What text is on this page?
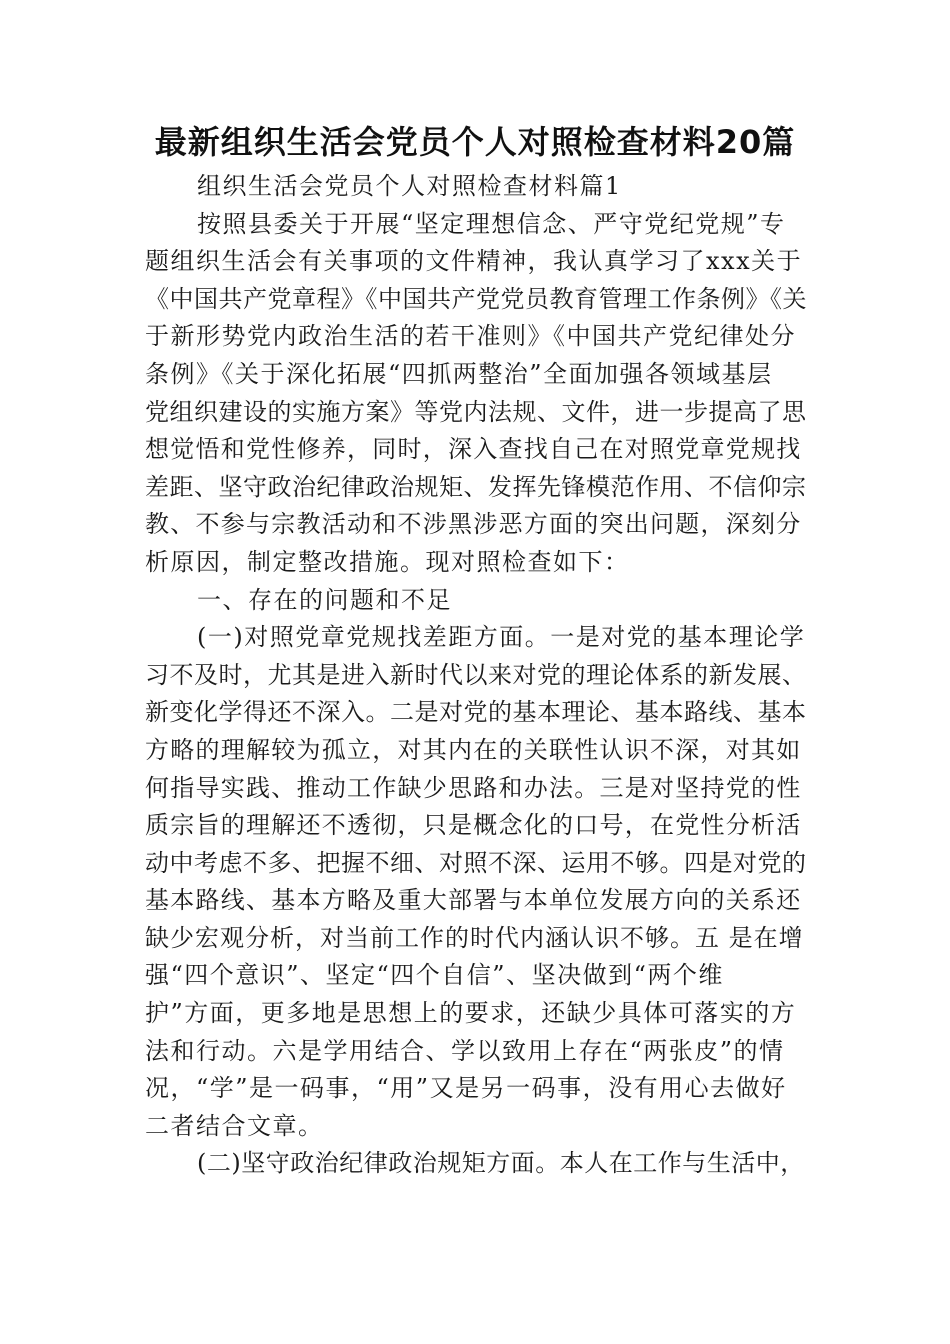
最新组织生活会党员个人对照检查材料20篇
组织生活会党员个人对照检查材料篇1
按照县委关于开展“坚定理想信念、严守党纪党规”专
题组织生活会有关事项的文件精神，我认真学习了xxx关于
《中国共产党章程》《中国共产党党员教育管理工作条例》《关
于新形势党内政治生活的若干准则》《中国共产党纪律处分
条例》《关于深化拓展“四抓两整治”全面加强各领域基层
党组织建设的实施方案》等党内法规、文件，进一步提高了思
想觉悟和党性修养，同时，深入查找自己在对照党章党规找
差距、坚守政治纪律政治规矩、发挥先锋模范作用、不信仰宗
教、不参与宗教活动和不涉黑涉恶方面的突出问题，深刻分
析原因，制定整改措施。现对照检查如下：
一、存在的问题和不足
(一)对照党章党规找差距方面。一是对党的基本理论学
习不及时，尤其是进入新时代以来对党的理论体系的新发展、
新变化学得还不深入。二是对党的基本理论、基本路线、基本
方略的理解较为孤立，对其内在的关联性认识不深，对其如
何指导实践、推动工作缺少思路和办法。三是对坚持党的性
质宗旨的理解还不透彻，只是概念化的口号，在党性分析活
动中考虑不多、把握不细、对照不深、运用不够。四是对党的
基本路线、基本方略及重大部署与本单位发展方向的关系还
缺少宏观分析，对当前工作的时代内涵认识不够。五 是在增
强“四个意识”、坚定“四个自信”、坚决做到“两个维
护”方面，更多地是思想上的要求，还缺少具体可落实的方
法和行动。六是学用结合、学以致用上存在“两张皮”的情
况，“学”是一码事，“用”又是另一码事，没有用心去做好
二者结合文章。
(二)坚守政治纪律政治规矩方面。本人在工作与生活中，
